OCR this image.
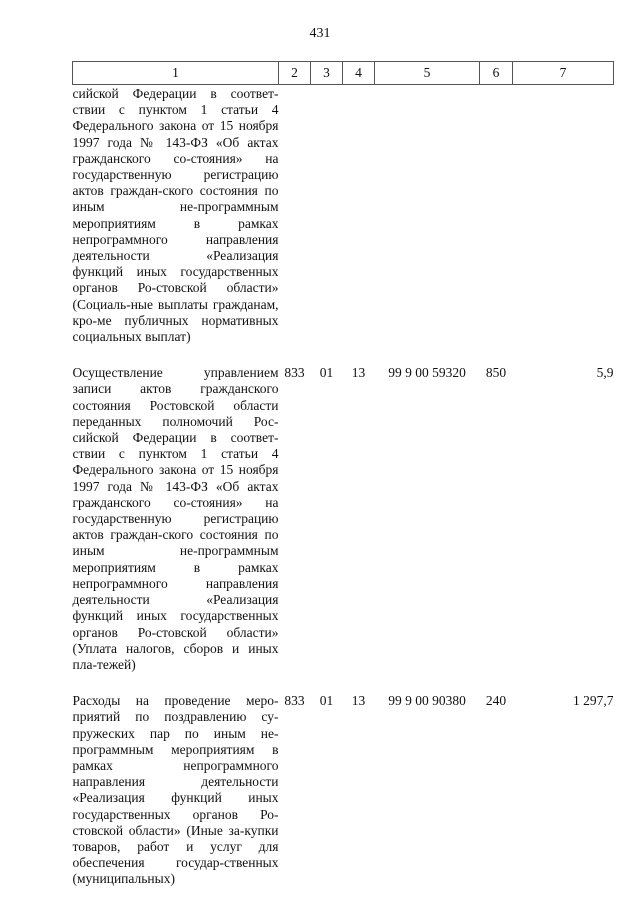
431
1	2	3	4	5	6	7
сийской Федерации в соответ-ствии с пунктом 1 статьи 4 Федерального закона от 15 ноября 1997 года № 143-ФЗ «Об актах гражданского со-стояния» на государственную регистрацию актов граждан-ского состояния по иным не-программным мероприятиям в рамках непрограммного направления деятельности «Реализация функций иных государственных органов Ро-стовской области» (Социаль-ные выплаты гражданам, кро-ме публичных нормативных социальных выплат)						
Осуществление управлением записи актов гражданского состояния Ростовской области переданных полномочий Рос-сийской Федерации в соответ-ствии с пунктом 1 статьи 4 Федерального закона от 15 ноября 1997 года № 143-ФЗ «Об актах гражданского со-стояния» на государственную регистрацию актов граждан-ского состояния по иным не-программным мероприятиям в рамках непрограммного направления деятельности «Реализация функций иных государственных органов Ро-стовской области» (Уплата налогов, сборов и иных пла-тежей)	833	01	13	99 9 00 59320	850	5,9
Расходы на проведение меро-приятий по поздравлению су-пружеских пар по иным не-программным мероприятиям в рамках непрограммного направления деятельности «Реализация функций иных государственных органов Ро-стовской области» (Иные за-купки товаров, работ и услуг для обеспечения государ-ственных (муниципальных)	833	01	13	99 9 00 90380	240	1 297,7
